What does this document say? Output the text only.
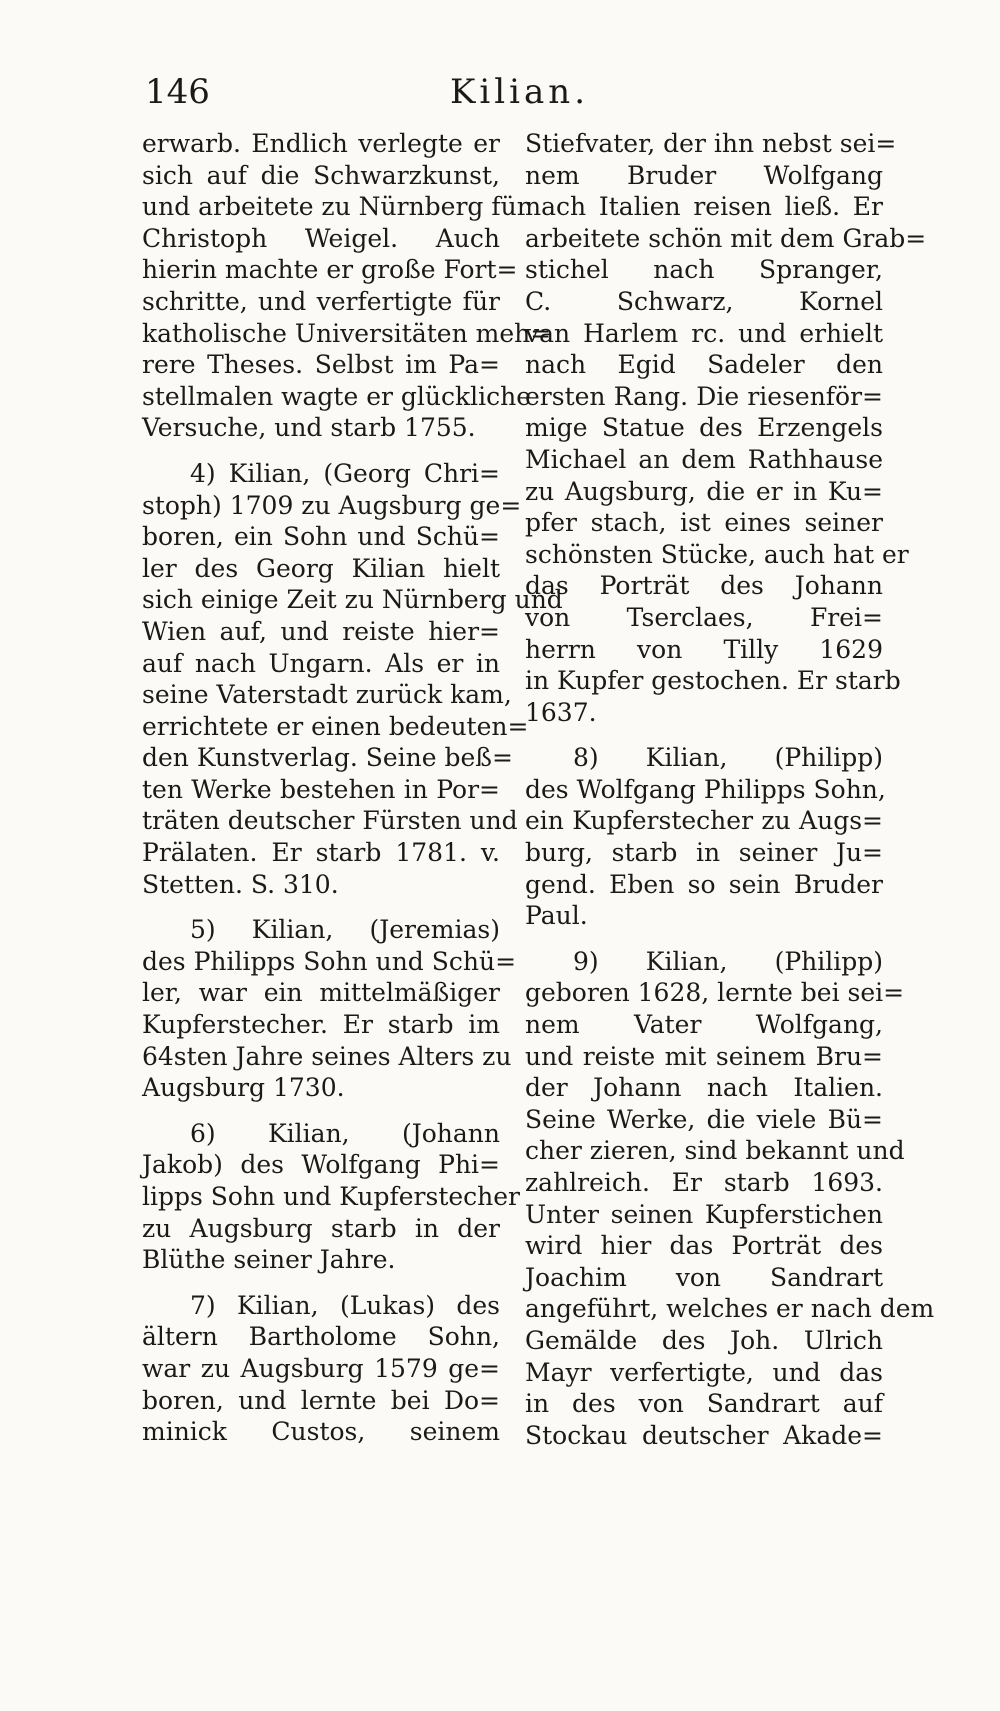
146	Kilian.
erwarb. Endlich verlegte er
sich auf die Schwarzkunst,
und arbeitete zu Nürnberg für
Christoph Weigel. Auch
hierin machte er große Fort=
schritte, und verfertigte für
katholische Universitäten meh=
rere Theses. Selbst im Pa=
stellmalen wagte er glückliche
Versuche, und starb 1755.
4) Kilian, (Georg Chri=
stoph) 1709 zu Augsburg ge=
boren, ein Sohn und Schü=
ler des Georg Kilian hielt
sich einige Zeit zu Nürnberg und
Wien auf, und reiste hier=
auf nach Ungarn. Als er in
seine Vaterstadt zurück kam,
errichtete er einen bedeuten=
den Kunstverlag. Seine beß=
ten Werke bestehen in Por=
träten deutscher Fürsten und
Prälaten. Er starb 1781. v.
Stetten. S. 310.
5) Kilian, (Jeremias)
des Philipps Sohn und Schü=
ler, war ein mittelmäßiger
Kupferstecher. Er starb im
64sten Jahre seines Alters zu
Augsburg 1730.
6) Kilian, (Johann
Jakob) des Wolfgang Phi=
lipps Sohn und Kupferstecher
zu Augsburg starb in der
Blüthe seiner Jahre.
7) Kilian, (Lukas) des
ältern Bartholome Sohn,
war zu Augsburg 1579 ge=
boren, und lernte bei Do=
minick Custos, seinem
Stiefvater, der ihn nebst sei=
nem Bruder Wolfgang
nach Italien reisen ließ. Er
arbeitete schön mit dem Grab=
stichel nach Spranger,
C. Schwarz, Kornel
van Harlem rc. und erhielt
nach Egid Sadeler den
ersten Rang. Die riesenför=
mige Statue des Erzengels
Michael an dem Rathhause
zu Augsburg, die er in Ku=
pfer stach, ist eines seiner
schönsten Stücke, auch hat er
das Porträt des Johann
von Tserclaes, Frei=
herrn von Tilly 1629
in Kupfer gestochen. Er starb
1637.
8) Kilian, (Philipp)
des Wolfgang Philipps Sohn,
ein Kupferstecher zu Augs=
burg, starb in seiner Ju=
gend. Eben so sein Bruder
Paul.
9) Kilian, (Philipp)
geboren 1628, lernte bei sei=
nem Vater Wolfgang,
und reiste mit seinem Bru=
der Johann nach Italien.
Seine Werke, die viele Bü=
cher zieren, sind bekannt und
zahlreich. Er starb 1693.
Unter seinen Kupferstichen
wird hier das Porträt des
Joachim von Sandrart
angeführt, welches er nach dem
Gemälde des Joh. Ulrich
Mayr verfertigte, und das
in des von Sandrart auf
Stockau deutscher Akade=
